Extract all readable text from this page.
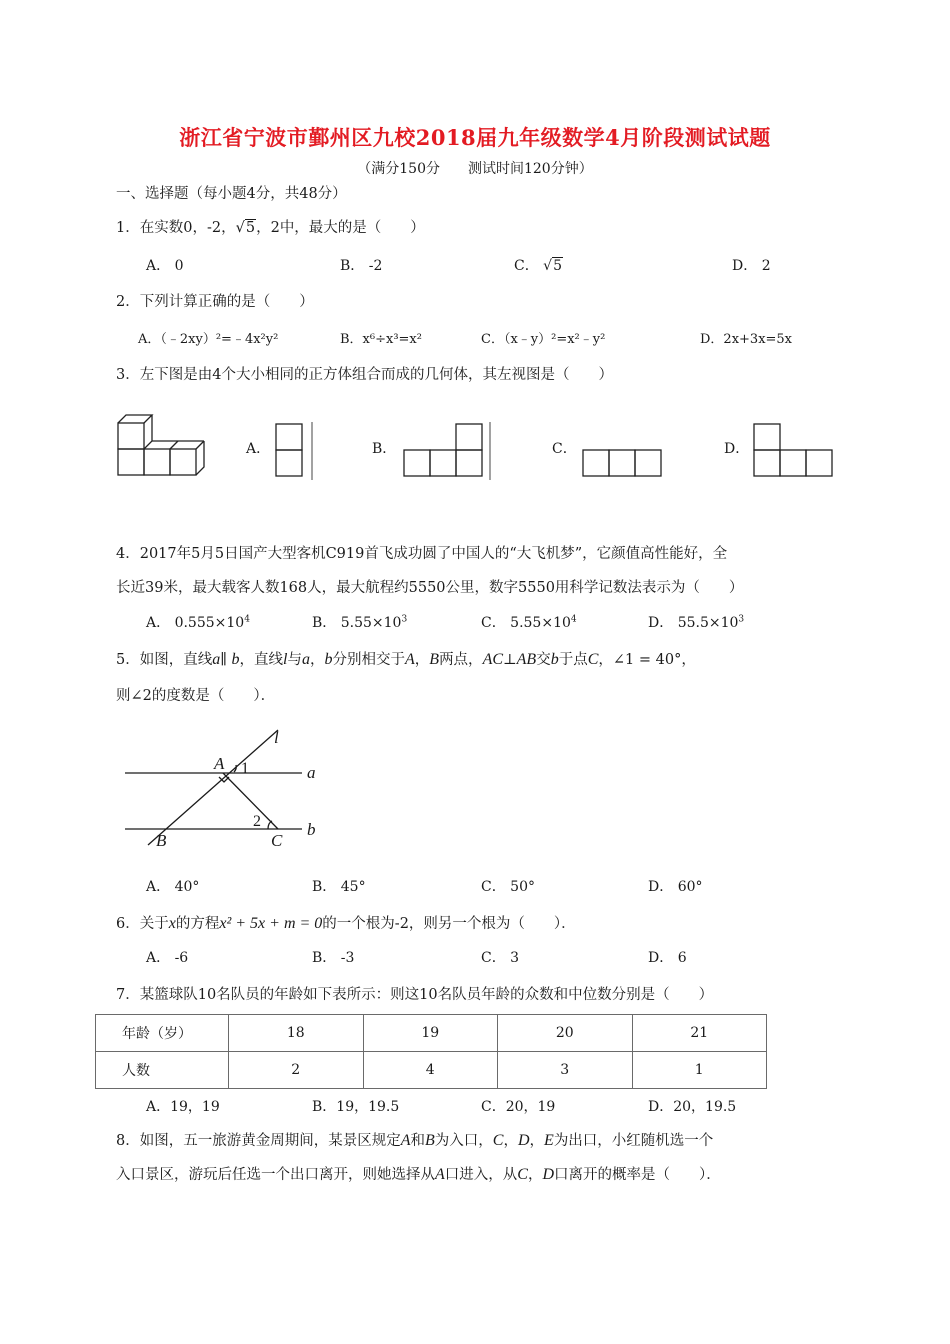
浙江省宁波市鄞州区九校2018届九年级数学4月阶段测试试题
（满分150分　　测试时间120分钟）
一、选择题（每小题4分，共48分）
1．在实数0，-2，√5，2中，最大的是（　　）
A． 0	B． -2	C． √5	D． 2
2．下列计算正确的是（　　）
A．（﹣2xy）²=﹣4x²y²	B．x⁶÷x³=x²	C．（x﹣y）²=x²﹣y²	D．2x+3x=5x
3．左下图是由4个大小相同的正方体组合而成的几何体，其左视图是（　　）
A．	B．	C．	D．
4．2017年5月5日国产大型客机C919首飞成功圆了中国人的“大飞机梦”，它颜值高性能好，全
长近39米，最大载客人数168人，最大航程约5550公里，数字5550用科学记数法表示为（　　）
A． $0.555\times 10^4$	B． $5.55\times 10^3$	C． $5.55\times 10^4$	D． $55.5\times 10^3$
5．如图，直线a∥ b，直线l与a，b分别相交于A，B两点，AC⊥AB交b于点C，∠1 = 40°，
则∠2的度数是（　　）．
l
a
b
A
B	C
1
2
A． 40°	B． 45°	C． 50°	D． 60°
6．关于x的方程x² + 5x + m = 0的一个根为-2，则另一个根为（　　）．
A． -6	B． -3	C． 3	D． 6
7．某篮球队10名队员的年龄如下表所示：则这10名队员年龄的众数和中位数分别是（　　）
年龄（岁）	18	19	20	21
人数	2	4	3	1
A．19，19	B．19，19.5	C．20，19	D．20，19.5
8．如图，五一旅游黄金周期间，某景区规定A和B为入口，C，D，E为出口，小红随机选一个
入口景区，游玩后任选一个出口离开，则她选择从A口进入，从C，D口离开的概率是（　　）．
